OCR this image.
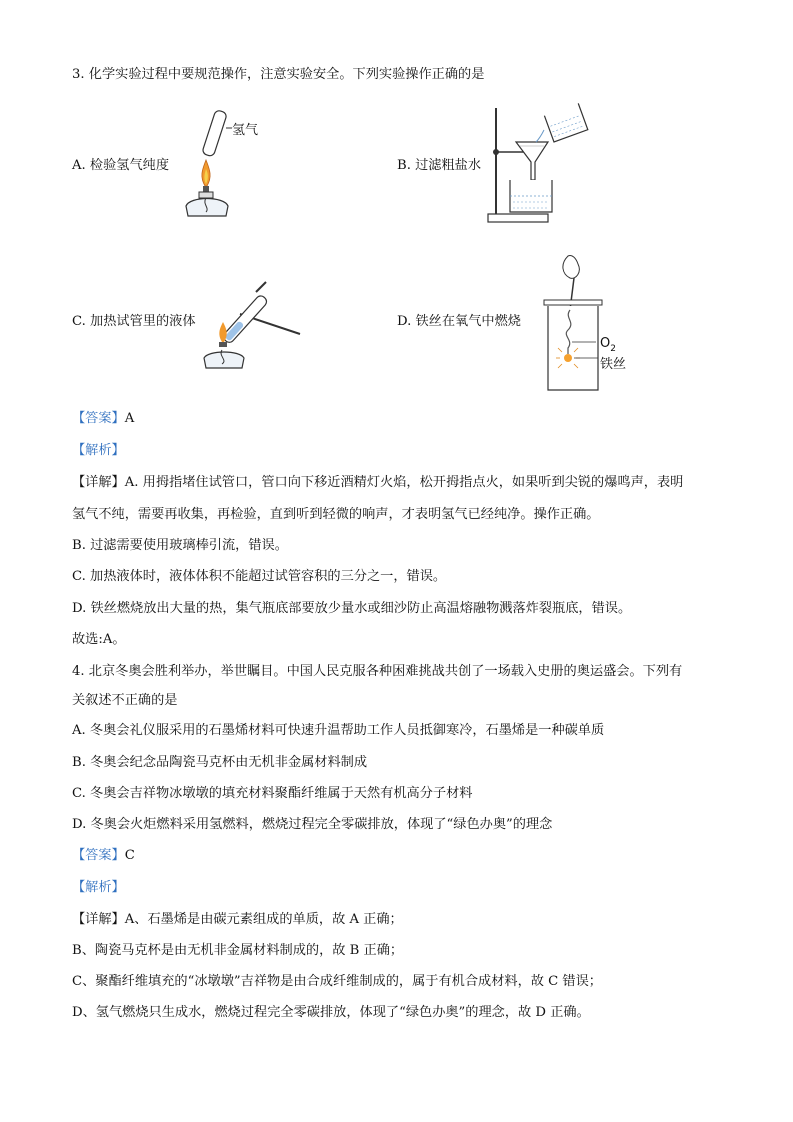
3. 化学实验过程中要规范操作，注意实验安全。下列实验操作正确的是
A. 检验氢气纯度
氢气
B. 过滤粗盐水
C. 加热试管里的液体	D. 铁丝在氧气中燃烧
$O_2$
铁丝
【答案】A
【解析】
【详解】A. 用拇指堵住试管口，管口向下移近酒精灯火焰，松开拇指点火，如果听到尖锐的爆鸣声，表明
氢气不纯，需要再收集，再检验，直到听到轻微的响声，才表明氢气已经纯净。操作正确。
B. 过滤需要使用玻璃棒引流，错误。
C. 加热液体时，液体体积不能超过试管容积的三分之一，错误。
D. 铁丝燃烧放出大量的热，集气瓶底部要放少量水或细沙防止高温熔融物溅落炸裂瓶底，错误。
故选:A。
4. 北京冬奥会胜利举办，举世瞩目。中国人民克服各种困难挑战共创了一场载入史册的奥运盛会。下列有
关叙述不正确的是
A. 冬奥会礼仪服采用的石墨烯材料可快速升温帮助工作人员抵御寒冷，石墨烯是一种碳单质
B. 冬奥会纪念品陶瓷马克杯由无机非金属材料制成
C. 冬奥会吉祥物冰墩墩的填充材料聚酯纤维属于天然有机高分子材料
D. 冬奥会火炬燃料采用氢燃料，燃烧过程完全零碳排放，体现了“绿色办奥”的理念
【答案】C
【解析】
【详解】A、石墨烯是由碳元素组成的单质，故 A 正确；
B、陶瓷马克杯是由无机非金属材料制成的，故 B 正确；
C、聚酯纤维填充的“冰墩墩”吉祥物是由合成纤维制成的，属于有机合成材料，故 C 错误；
D、氢气燃烧只生成水，燃烧过程完全零碳排放，体现了“绿色办奥”的理念，故 D 正确。
